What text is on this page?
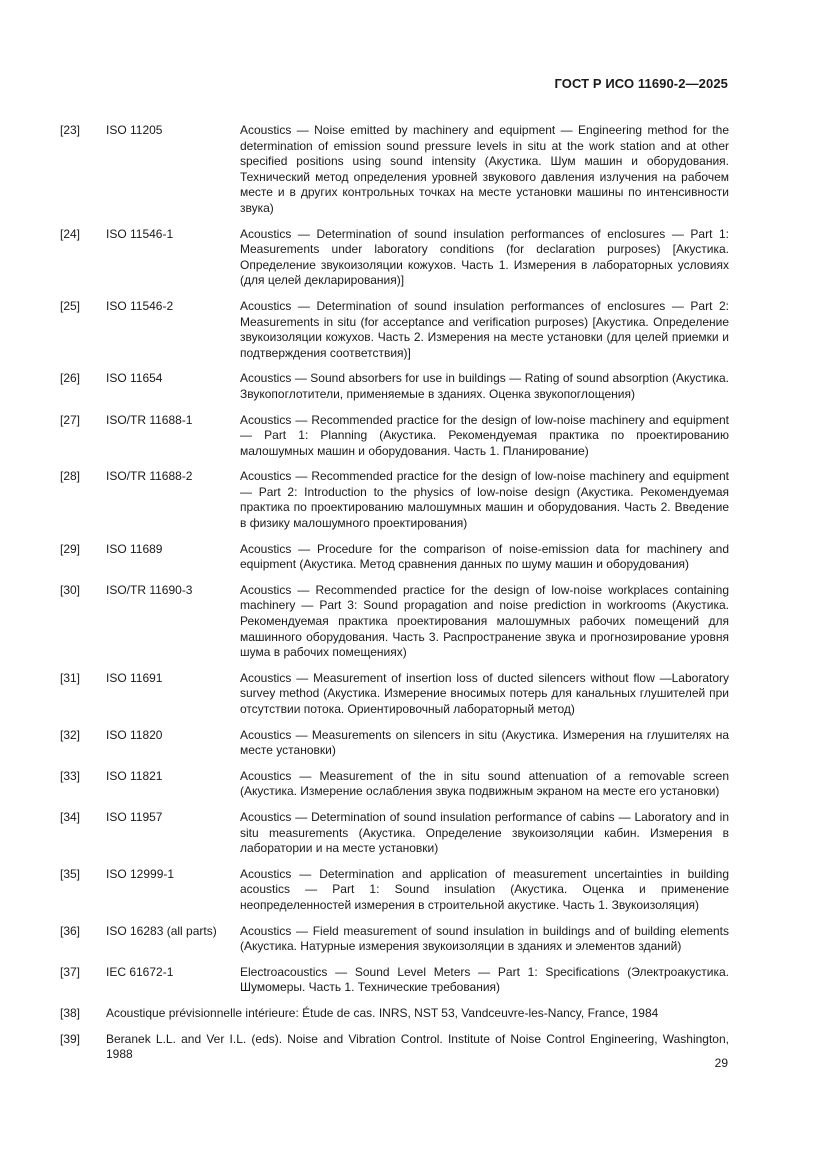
ГОСТ Р ИСО 11690-2—2025
[23]	ISO 11205	Acoustics — Noise emitted by machinery and equipment — Engineering method for the determination of emission sound pressure levels in situ at the work station and at other specified positions using sound intensity (Акустика. Шум машин и оборудования. Технический метод определения уровней звукового давления излучения на рабочем месте и в других контрольных точках на месте установки машины по интенсивности звука)
[24]	ISO 11546-1	Acoustics — Determination of sound insulation performances of enclosures — Part 1: Measurements under laboratory conditions (for declaration purposes) [Акустика. Определение звукоизоляции кожухов. Часть 1. Измерения в лабораторных условиях (для целей декларирования)]
[25]	ISO 11546-2	Acoustics — Determination of sound insulation performances of enclosures — Part 2: Measurements in situ (for acceptance and verification purposes) [Акустика. Определение звукоизоляции кожухов. Часть 2. Измерения на месте установки (для целей приемки и подтверждения соответствия)]
[26]	ISO 11654	Acoustics — Sound absorbers for use in buildings — Rating of sound absorption (Акустика. Звукопоглотители, применяемые в зданиях. Оценка звукопоглощения)
[27]	ISO/TR 11688-1	Acoustics — Recommended practice for the design of low-noise machinery and equipment — Part 1: Planning (Акустика. Рекомендуемая практика по проектированию малошумных машин и оборудования. Часть 1. Планирование)
[28]	ISO/TR 11688-2	Acoustics — Recommended practice for the design of low-noise machinery and equipment — Part 2: Introduction to the physics of low-noise design (Акустика. Рекомендуемая практика по проектированию малошумных машин и оборудования. Часть 2. Введение в физику малошумного проектирования)
[29]	ISO 11689	Acoustics — Procedure for the comparison of noise-emission data for machinery and equipment (Акустика. Метод сравнения данных по шуму машин и оборудования)
[30]	ISO/TR 11690-3	Acoustics — Recommended practice for the design of low-noise workplaces containing machinery — Part 3: Sound propagation and noise prediction in workrooms (Акустика. Рекомендуемая практика проектирования малошумных рабочих помещений для машинного оборудования. Часть 3. Распространение звука и прогнозирование уровня шума в рабочих помещениях)
[31]	ISO 11691	Acoustics — Measurement of insertion loss of ducted silencers without flow —Laboratory survey method (Акустика. Измерение вносимых потерь для канальных глушителей при отсутствии потока. Ориентировочный лабораторный метод)
[32]	ISO 11820	Acoustics — Measurements on silencers in situ (Акустика. Измерения на глушителях на месте установки)
[33]	ISO 11821	Acoustics — Measurement of the in situ sound attenuation of a removable screen (Акустика. Измерение ослабления звука подвижным экраном на месте его установки)
[34]	ISO 11957	Acoustics — Determination of sound insulation performance of cabins — Laboratory and in situ measurements (Акустика. Определение звукоизоляции кабин. Измерения в лаборатории и на месте установки)
[35]	ISO 12999-1	Acoustics — Determination and application of measurement uncertainties in building acoustics — Part 1: Sound insulation (Акустика. Оценка и применение неопределенностей измерения в строительной акустике. Часть 1. Звукоизоляция)
[36]	ISO 16283 (all parts)	Acoustics — Field measurement of sound insulation in buildings and of building elements (Акустика. Натурные измерения звукоизоляции в зданиях и элементов зданий)
[37]	IEC 61672-1	Electroacoustics — Sound Level Meters — Part 1: Specifications (Электроакустика. Шумомеры. Часть 1. Технические требования)
[38]	Acoustique prévisionnelle intérieure: Étude de cas. INRS, NST 53, Vandceuvre-les-Nancy, France, 1984
[39]	Beranek L.L. and Ver I.L. (eds). Noise and Vibration Control. Institute of Noise Control Engineering, Washington, 1988
29
